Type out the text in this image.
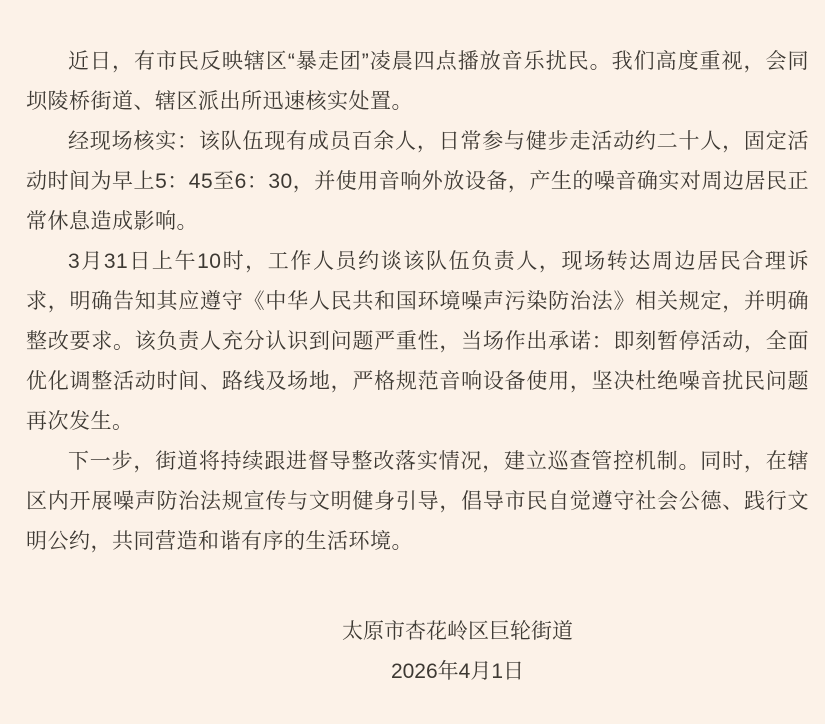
近日，有市民反映辖区“暴走团”凌晨四点播放音乐扰民。我们高度重视，会同坝陵桥街道、辖区派出所迅速核实处置。

经现场核实：该队伍现有成员百余人，日常参与健步走活动约二十人，固定活动时间为早上5：45至6：30，并使用音响外放设备，产生的噪音确实对周边居民正常休息造成影响。

3月31日上午10时，工作人员约谈该队伍负责人，现场转达周边居民合理诉求，明确告知其应遵守《中华人民共和国环境噪声污染防治法》相关规定，并明确整改要求。该负责人充分认识到问题严重性，当场作出承诺：即刻暂停活动，全面优化调整活动时间、路线及场地，严格规范音响设备使用，坚决杜绝噪音扰民问题再次发生。

下一步，街道将持续跟进督导整改落实情况，建立巡查管控机制。同时，在辖区内开展噪声防治法规宣传与文明健身引导，倡导市民自觉遵守社会公德、践行文明公约，共同营造和谐有序的生活环境。

太原市杏花岭区巨轮街道
2026年4月1日
